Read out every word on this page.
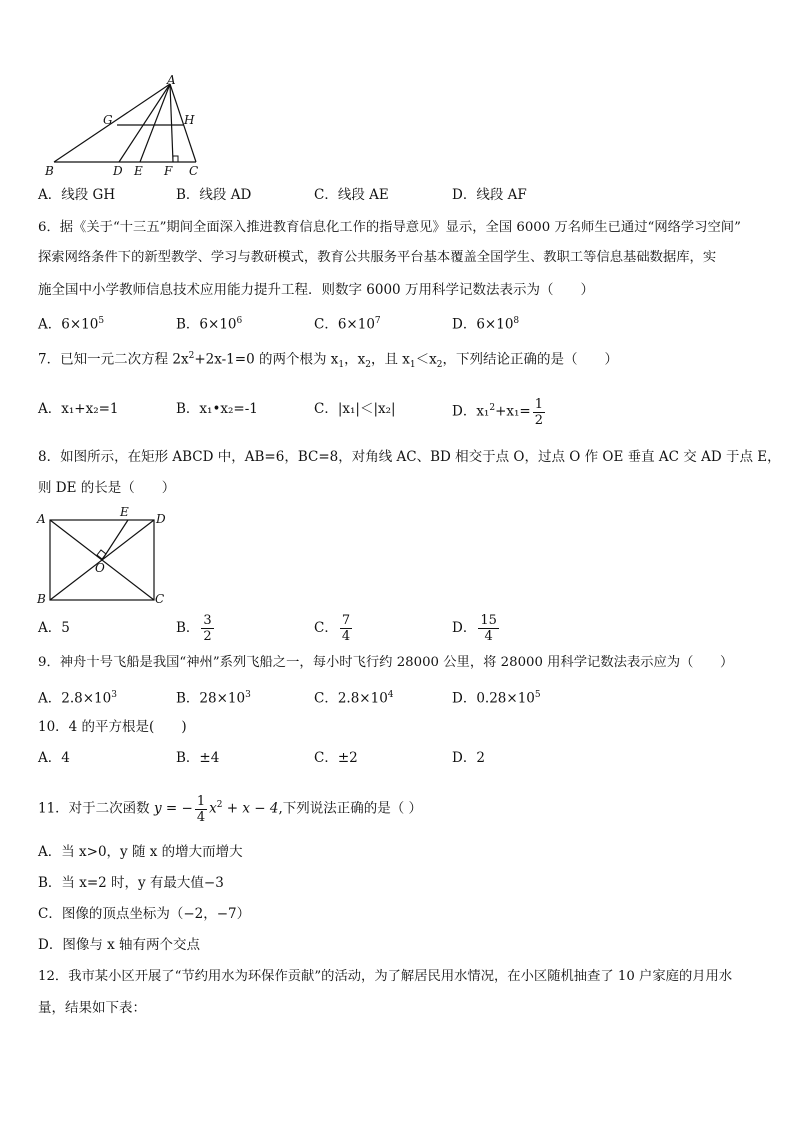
A
G	H
B	D E F C
A．线段 GH	B．线段 AD	C．线段 AE	D．线段 AF
6．据《关于“十三五”期间全面深入推进教育信息化工作的指导意见》显示，全国 6000 万名师生已通过“网络学习空间”
探索网络条件下的新型教学、学习与教研模式，教育公共服务平台基本覆盖全国学生、教职工等信息基础数据库，实
施全国中小学教师信息技术应用能力提升工程．则数字 6000 万用科学记数法表示为（　　）
A．$6\times 10^5$	B．$6\times 10^6$	C．$6\times 10^7$	D．$6\times 10^8$
7．已知一元二次方程 $2x^2+2x-1=0$ 的两个根为 $x_1$，$x_2$，且 $x_1<x_2$，下列结论正确的是（　　）
A．x₁+x₂=1	B．x₁•x₂=-1	C．|x₁|＜|x₂|	D．$x_1^2+x_1= \frac{1}{2}$
8．如图所示，在矩形 ABCD 中，AB=6，BC=8，对角线 AC、BD 相交于点 O，过点 O 作 OE 垂直 AC 交 AD 于点 E，
则 DE 的长是（　　）
A	E D
O
B	C
A．5	B． $\frac{3}{2}$	C． $\frac{7}{4}$	D． $\frac{15}{4}$
9．神舟十号飞船是我国“神州”系列飞船之一，每小时飞行约 28000 公里，将 28000 用科学记数法表示应为（　　）
A．$2.8\times 10^3$	B．$28\times 10^3$	C．$2.8\times 10^4$	D．$0.28\times 10^5$
10．4 的平方根是(　　)
A．4	B．±4	C．±2	D．2
11．对于二次函数 y = − $\frac{1}{4} x^2 + x - 4$,下列说法正确的是（ ）
A．当 x>0，y 随 x 的增大而增大
B．当 x=2 时，y 有最大值−3
C．图像的顶点坐标为（−2，−7）
D．图像与 x 轴有两个交点
12．我市某小区开展了“节约用水为环保作贡献”的活动，为了解居民用水情况，在小区随机抽查了 10 户家庭的月用水
量，结果如下表：
